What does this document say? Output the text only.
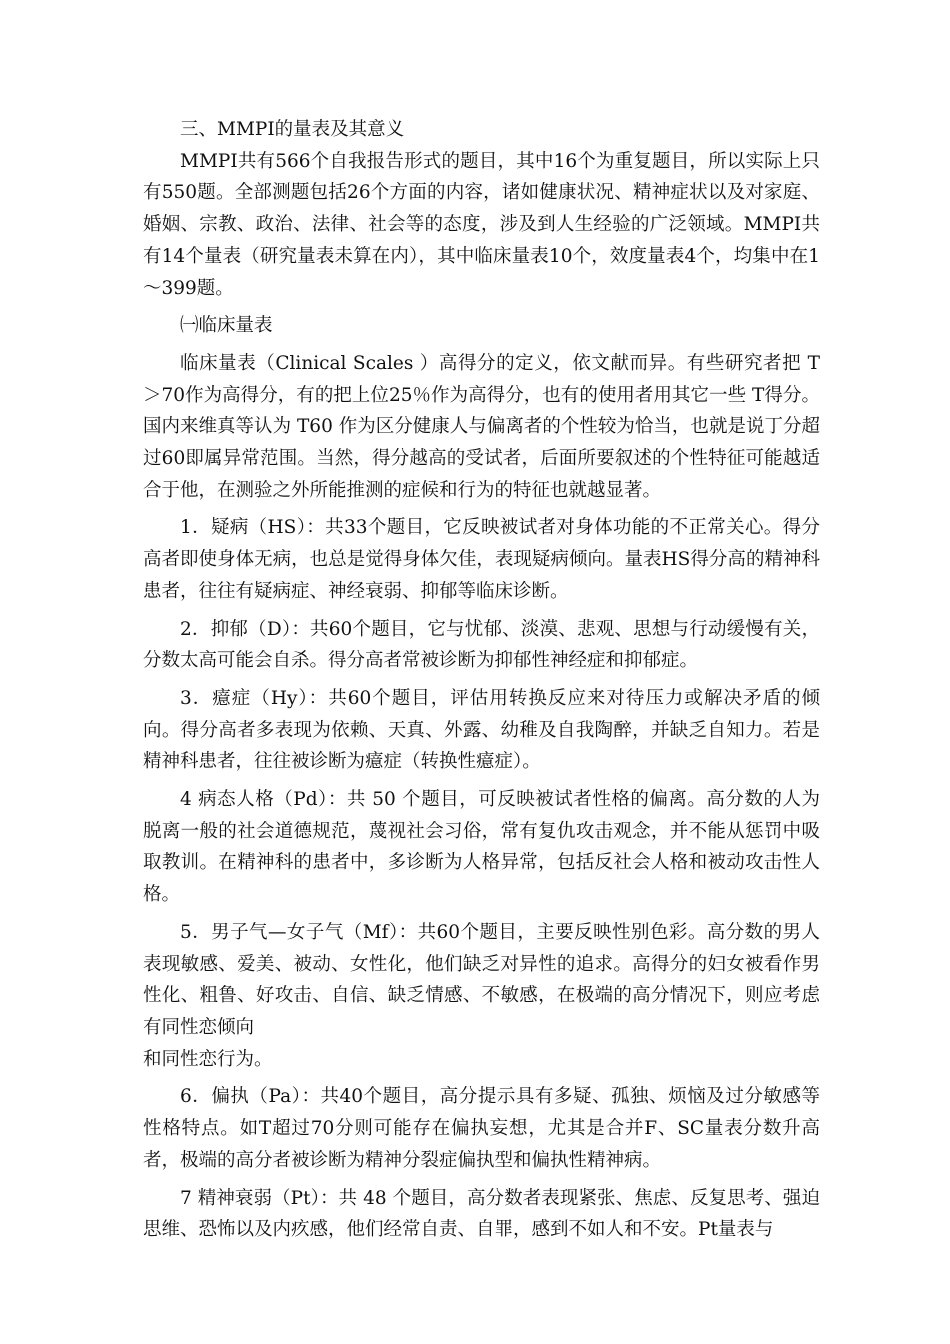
三、MMPI的量表及其意义

MMPI共有566个自我报告形式的题目，其中16个为重复题目，所以实际上只有550题。全部测题包括26个方面的内容，诸如健康状况、精神症状以及对家庭、婚姻、宗教、政治、法律、社会等的态度，涉及到人生经验的广泛领域。MMPI共有14个量表（研究量表未算在内），其中临床量表10个，效度量表4个，均集中在1～399题。

㈠临床量表

临床量表（Clinical Scales ）高得分的定义，依文献而异。有些研究者把 T＞70作为高得分，有的把上位25％作为高得分，也有的使用者用其它一些 T得分。国内来维真等认为 T60 作为区分健康人与偏离者的个性较为恰当，也就是说丁分超过60即属异常范围。当然，得分越高的受试者，后面所要叙述的个性特征可能越适合于他，在测验之外所能推测的症候和行为的特征也就越显著。

1．疑病（HS）：共33个题目，它反映被试者对身体功能的不正常关心。得分高者即使身体无病，也总是觉得身体欠佳，表现疑病倾向。量表HS得分高的精神科患者，往往有疑病症、神经衰弱、抑郁等临床诊断。

2．抑郁（D）：共60个题目，它与忧郁、淡漠、悲观、思想与行动缓慢有关，分数太高可能会自杀。得分高者常被诊断为抑郁性神经症和抑郁症。

3．癔症（Hy）：共60个题目，评估用转换反应来对待压力或解决矛盾的倾向。得分高者多表现为依赖、天真、外露、幼稚及自我陶醉，并缺乏自知力。若是精神科患者，往往被诊断为癔症（转换性癔症）。

4 病态人格（Pd）：共 50 个题目，可反映被试者性格的偏离。高分数的人为脱离一般的社会道德规范，蔑视社会习俗，常有复仇攻击观念，并不能从惩罚中吸取教训。在精神科的患者中，多诊断为人格异常，包括反社会人格和被动攻击性人格。

5．男子气—女子气（Mf）：共60个题目，主要反映性别色彩。高分数的男人表现敏感、爱美、被动、女性化，他们缺乏对异性的追求。高得分的妇女被看作男性化、粗鲁、好攻击、自信、缺乏情感、不敏感，在极端的高分情况下，则应考虑有同性恋倾向

和同性恋行为。

6．偏执（Pa）：共40个题目，高分提示具有多疑、孤独、烦恼及过分敏感等性格特点。如T超过70分则可能存在偏执妄想，尤其是合并F、SC量表分数升高者，极端的高分者被诊断为精神分裂症偏执型和偏执性精神病。

7 精神衰弱（Pt）：共 48 个题目，高分数者表现紧张、焦虑、反复思考、强迫思维、恐怖以及内疚感，他们经常自责、自罪，感到不如人和不安。Pt量表与
